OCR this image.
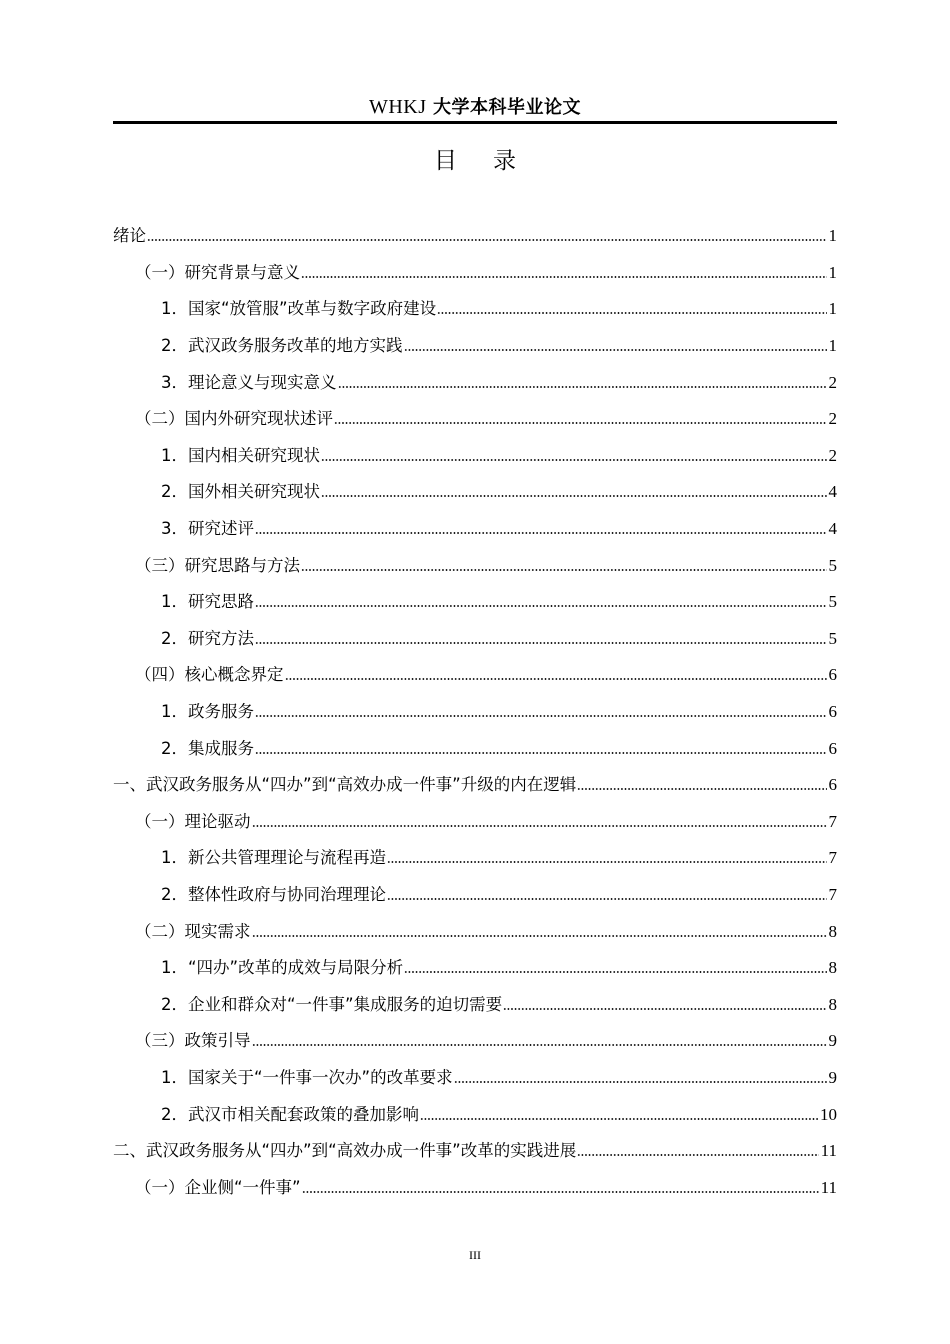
WHKJ 大学本科毕业论文
目 录
绪论	1
（一）研究背景与意义	1
1．国家“放管服”改革与数字政府建设	1
2．武汉政务服务改革的地方实践	1
3．理论意义与现实意义	2
（二）国内外研究现状述评	2
1．国内相关研究现状	2
2．国外相关研究现状	4
3．研究述评	4
（三）研究思路与方法	5
1．研究思路	5
2．研究方法	5
（四）核心概念界定	6
1．政务服务	6
2．集成服务	6
一、武汉政务服务从“四办”到“高效办成一件事”升级的内在逻辑	6
（一）理论驱动	7
1．新公共管理理论与流程再造	7
2．整体性政府与协同治理理论	7
（二）现实需求	8
1．“四办”改革的成效与局限分析	8
2．企业和群众对“一件事”集成服务的迫切需要	8
（三）政策引导	9
1．国家关于“一件事一次办”的改革要求	9
2．武汉市相关配套政策的叠加影响	10
二、武汉政务服务从“四办”到“高效办成一件事”改革的实践进展	11
（一）企业侧“一件事”	11
III
